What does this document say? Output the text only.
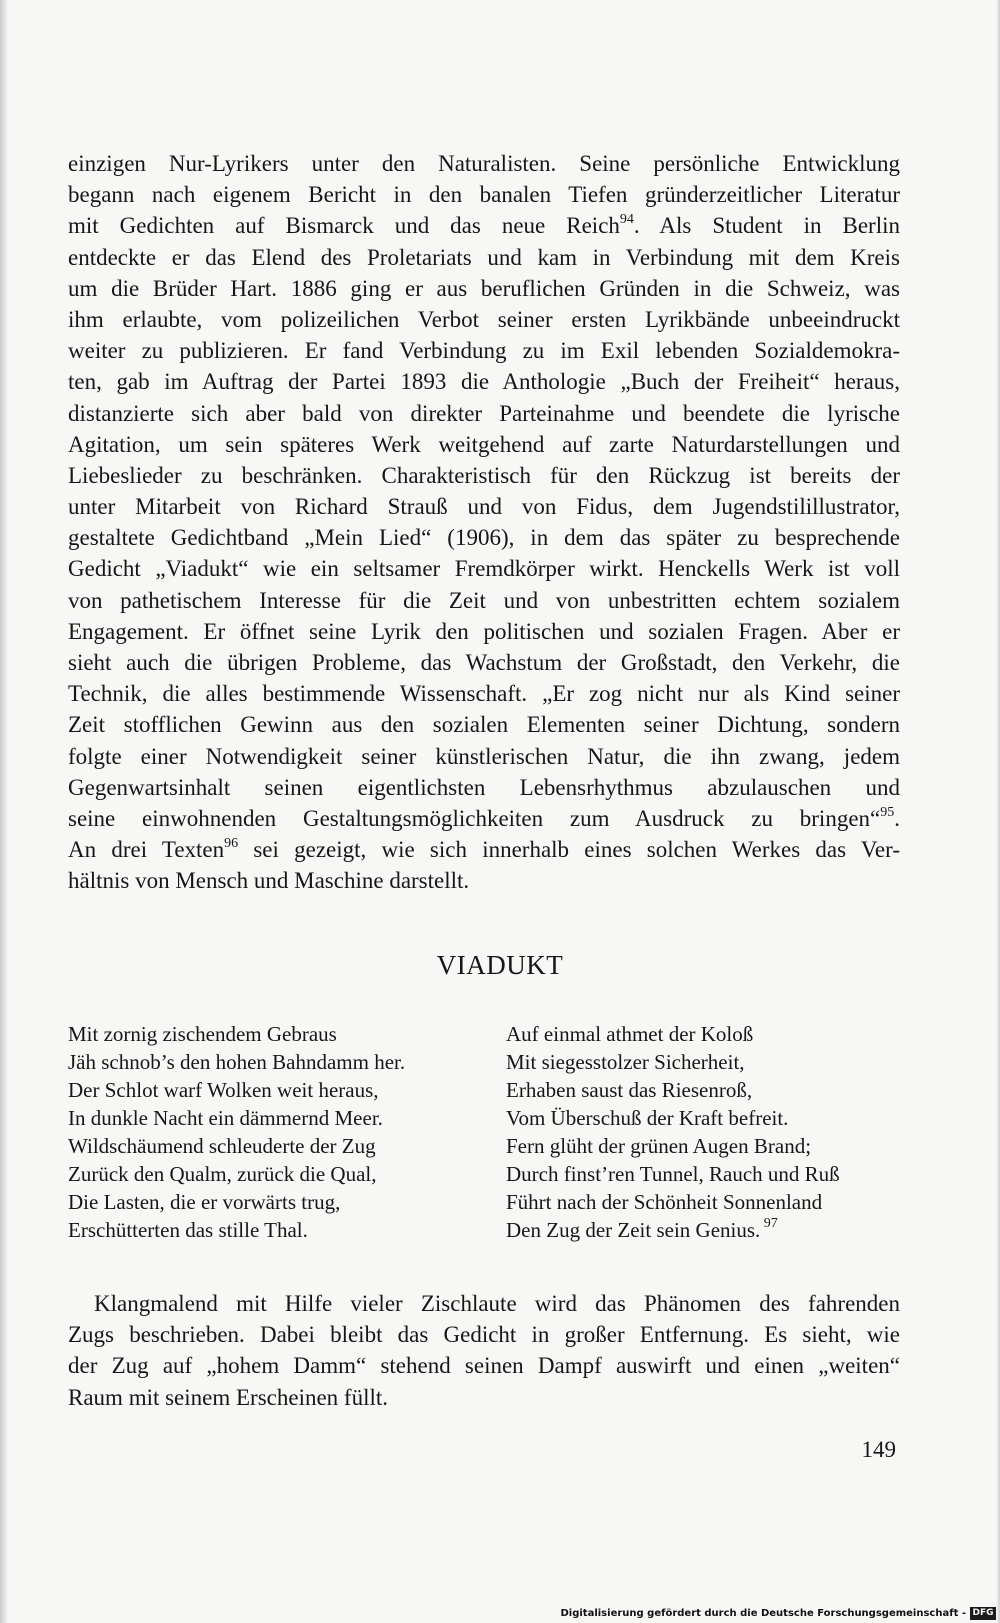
einzigen Nur-Lyrikers unter den Naturalisten. Seine persönliche Entwicklung
begann nach eigenem Bericht in den banalen Tiefen gründerzeitlicher Literatur
mit Gedichten auf Bismarck und das neue Reich$^{94}$. Als Student in Berlin
entdeckte er das Elend des Proletariats und kam in Verbindung mit dem Kreis
um die Brüder Hart. 1886 ging er aus beruflichen Gründen in die Schweiz, was
ihm erlaubte, vom polizeilichen Verbot seiner ersten Lyrikbände unbeeindruckt
weiter zu publizieren. Er fand Verbindung zu im Exil lebenden Sozialdemokra-
ten, gab im Auftrag der Partei 1893 die Anthologie „Buch der Freiheit“ heraus,
distanzierte sich aber bald von direkter Parteinahme und beendete die lyrische
Agitation, um sein späteres Werk weitgehend auf zarte Naturdarstellungen und
Liebeslieder zu beschränken. Charakteristisch für den Rückzug ist bereits der
unter Mitarbeit von Richard Strauß und von Fidus, dem Jugendstilillustrator,
gestaltete Gedichtband „Mein Lied“ (1906), in dem das später zu besprechende
Gedicht „Viadukt“ wie ein seltsamer Fremdkörper wirkt. Henckells Werk ist voll
von pathetischem Interesse für die Zeit und von unbestritten echtem sozialem
Engagement. Er öffnet seine Lyrik den politischen und sozialen Fragen. Aber er
sieht auch die übrigen Probleme, das Wachstum der Großstadt, den Verkehr, die
Technik, die alles bestimmende Wissenschaft. „Er zog nicht nur als Kind seiner
Zeit stofflichen Gewinn aus den sozialen Elementen seiner Dichtung, sondern
folgte einer Notwendigkeit seiner künstlerischen Natur, die ihn zwang, jedem
Gegenwartsinhalt seinen eigentlichsten Lebensrhythmus abzulauschen und
seine einwohnenden Gestaltungsmöglichkeiten zum Ausdruck zu bringen“$^{95}$.
An drei Texten$^{96}$ sei gezeigt, wie sich innerhalb eines solchen Werkes das Ver-
hältnis von Mensch und Maschine darstellt.
VIADUKT
Mit zornig zischendem Gebraus
Jäh schnob’s den hohen Bahndamm her.
Der Schlot warf Wolken weit heraus,
In dunkle Nacht ein dämmernd Meer.
Wildschäumend schleuderte der Zug
Zurück den Qualm, zurück die Qual,
Die Lasten, die er vorwärts trug,
Erschütterten das stille Thal.
Auf einmal athmet der Koloß
Mit siegesstolzer Sicherheit,
Erhaben saust das Riesenroß,
Vom Überschuß der Kraft befreit.
Fern glüht der grünen Augen Brand;
Durch finst’ren Tunnel, Rauch und Ruß
Führt nach der Schönheit Sonnenland
Den Zug der Zeit sein Genius. $^{97}$
Klangmalend mit Hilfe vieler Zischlaute wird das Phänomen des fahrenden
Zugs beschrieben. Dabei bleibt das Gedicht in großer Entfernung. Es sieht, wie
der Zug auf „hohem Damm“ stehend seinen Dampf auswirft und einen „weiten“
Raum mit seinem Erscheinen füllt.
149
Digitalisierung gefördert durch die Deutsche Forschungsgemeinschaft - DFG
